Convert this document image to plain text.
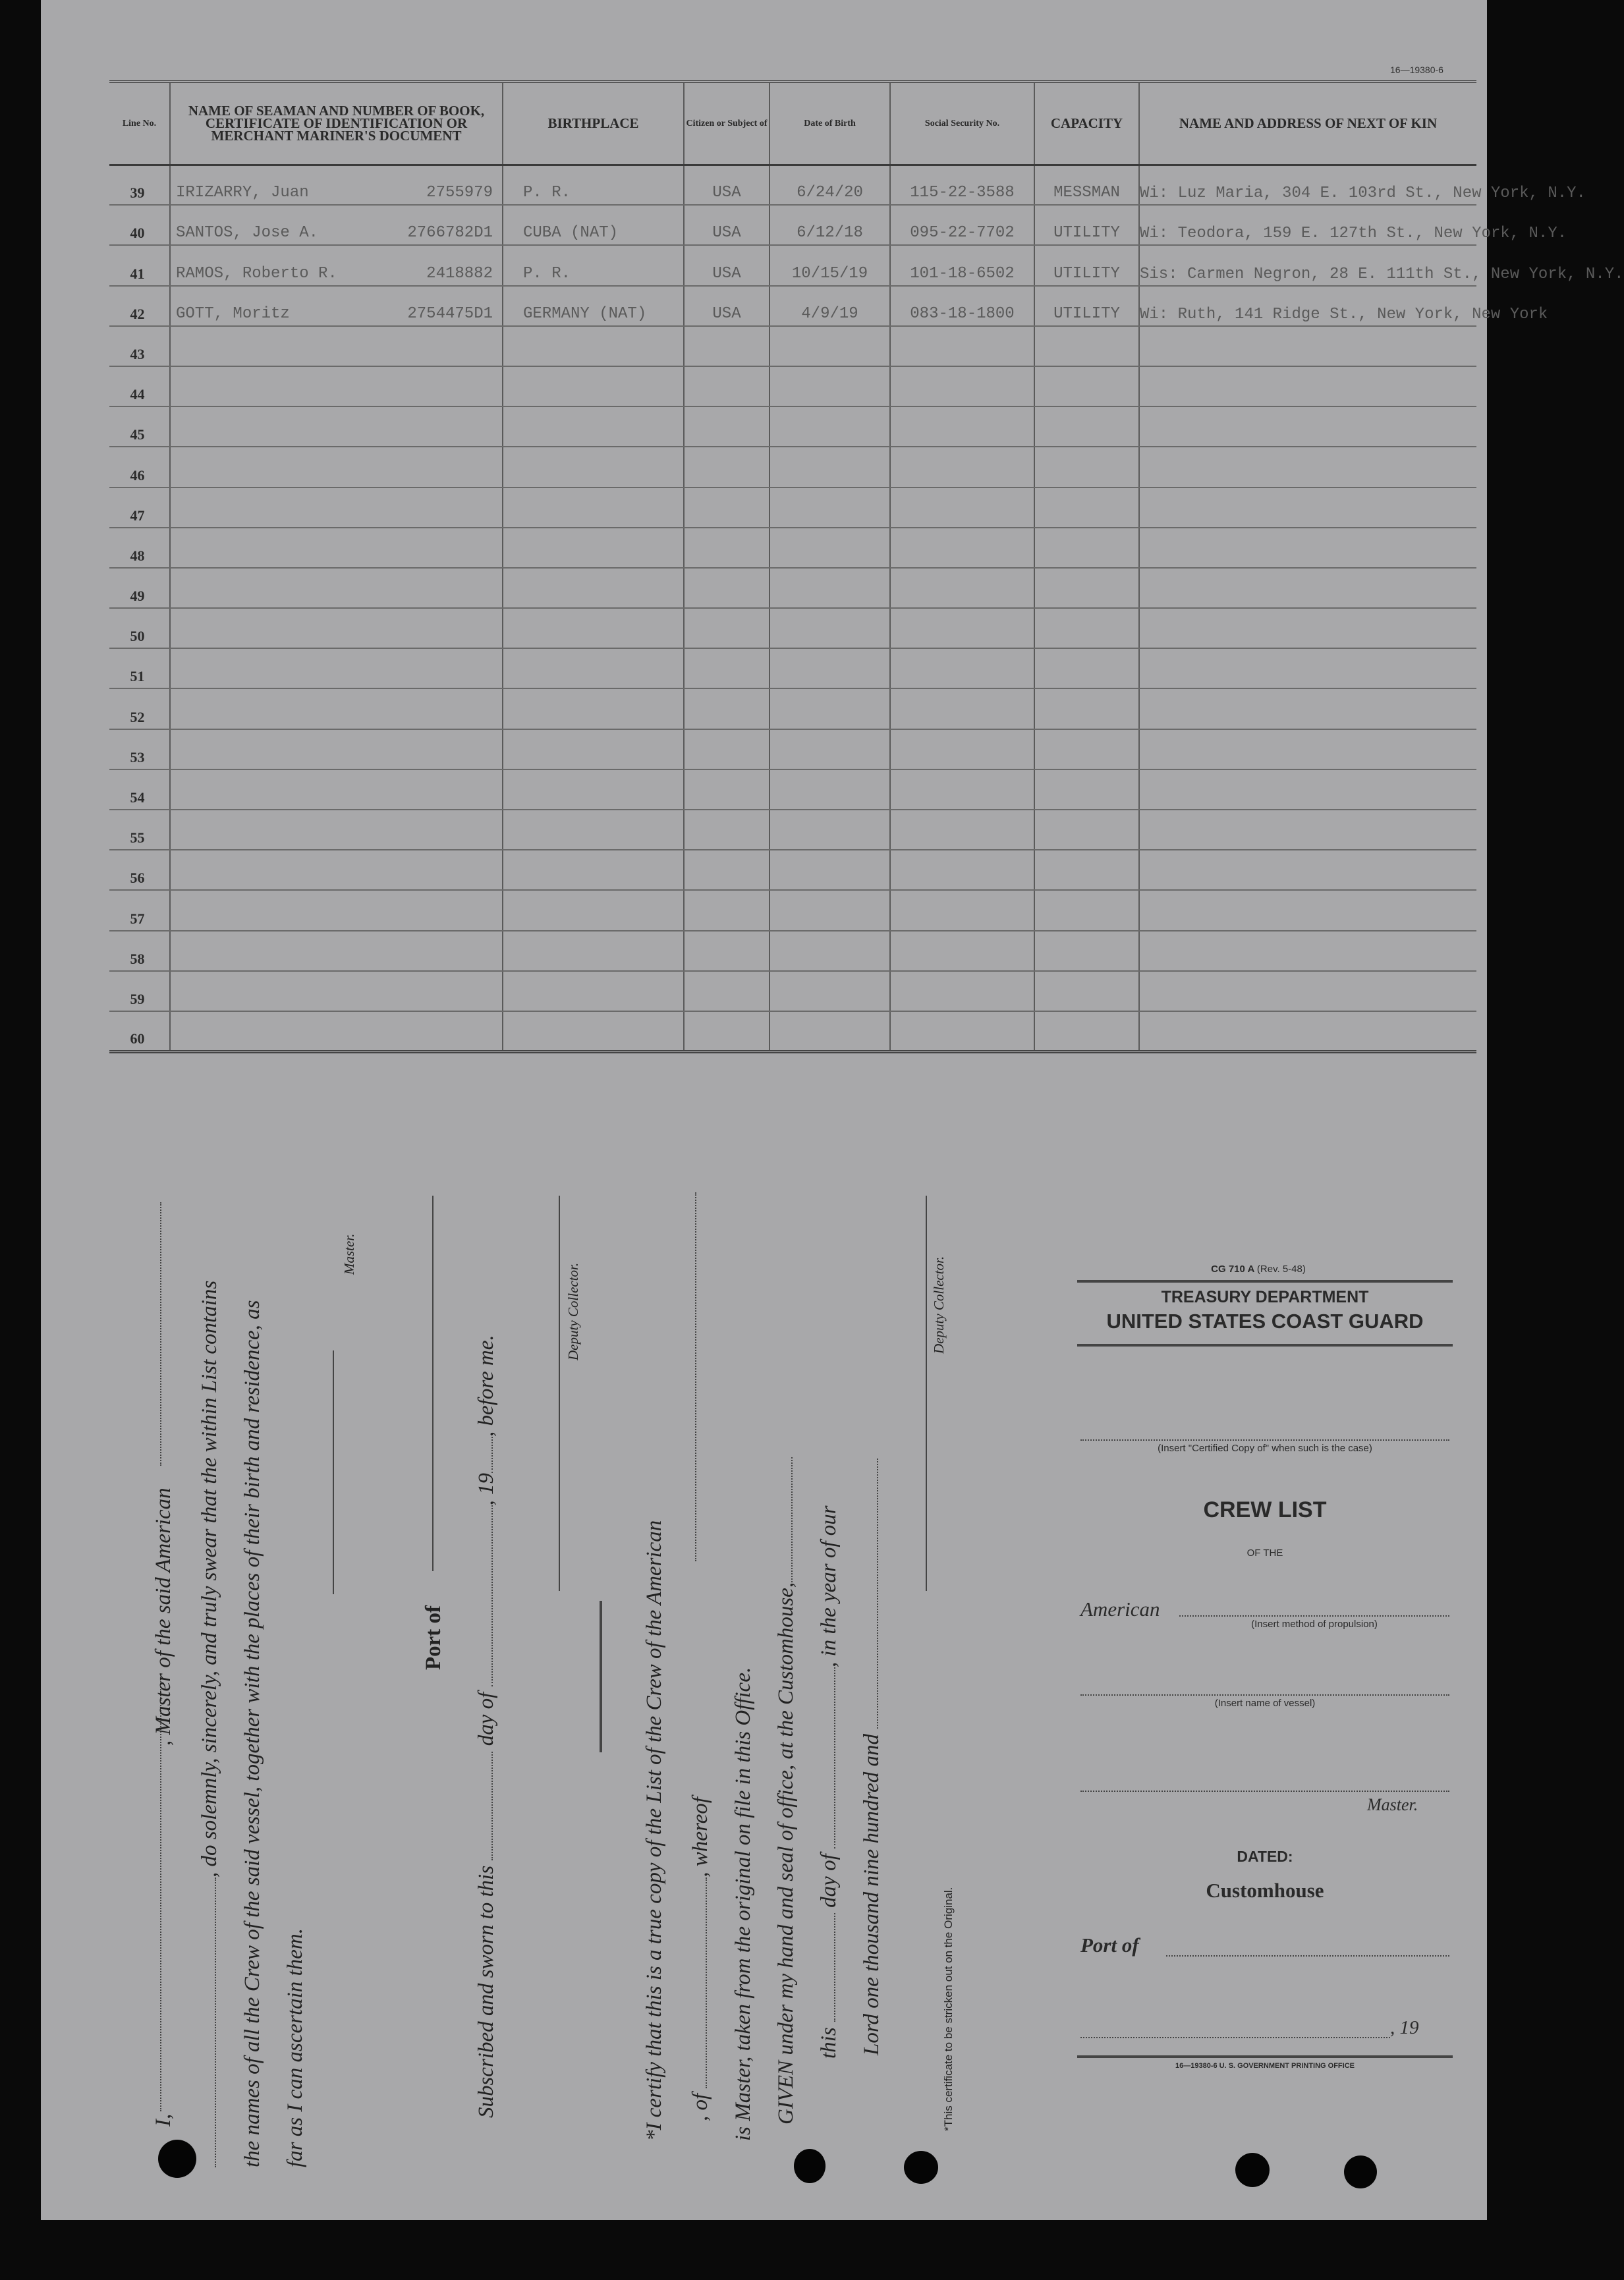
16—19380-6
Line No.	NAME OF SEAMAN AND NUMBER OF BOOK, CERTIFICATE OF IDENTIFICATION OR MERCHANT MARINER'S DOCUMENT	BIRTHPLACE	Citizen or Subject of	Date of Birth	Social Security No.	CAPACITY	NAME AND ADDRESS OF NEXT OF KIN
39	IRIZARRY, Juan 2755979	P. R.	USA	6/24/20	115-22-3588	MESSMAN	Wi: Luz Maria, 304 E. 103rd St., New York, N.Y.
40	SANTOS, Jose A. 2766782D1	CUBA (NAT)	USA	6/12/18	095-22-7702	UTILITY	Wi: Teodora, 159 E. 127th St., New York, N.Y.
41	RAMOS, Roberto R. 2418882	P. R.	USA	10/15/19	101-18-6502	UTILITY	Sis: Carmen Negron, 28 E. 111th St., New York, N.Y.
42	GOTT, Moritz 2754475D1	GERMANY (NAT)	USA	4/9/19	083-18-1800	UTILITY	Wi: Ruth, 141 Ridge St., New York, New York
43							
44							
45							
46							
47							
48							
49							
50							
51							
52							
53							
54							
55							
56							
57							
58							
59							
60							
I,
, Master of the said American , do solemnly, sincerely, and truly swear that the within List contains the names of all the Crew of the said vessel, together with the places of their birth and residence, as far as I can ascertain them.
Master.
Port of
Subscribed and sworn to this  day of , 19, before me.
Deputy Collector.
*I certify that this is a true copy of the List of the Crew of the American , of , whereof is Master, taken from the original on file in this Office. GIVEN under my hand and seal of office, at the Customhouse, this  day of , in the year of our
Lord one thousand nine hundred and
Deputy Collector.
*This certificate to be stricken out on the Original.
CG 710 A (Rev. 5-48)
TREASURY DEPARTMENT
UNITED STATES COAST GUARD
(Insert "Certified Copy of" when such is the case)
CREW LIST
OF THE
American
(Insert method of propulsion)
(Insert name of vessel)
Master.
DATED:
Customhouse
Port of
, 19
16—19380-6 U. S. GOVERNMENT PRINTING OFFICE
